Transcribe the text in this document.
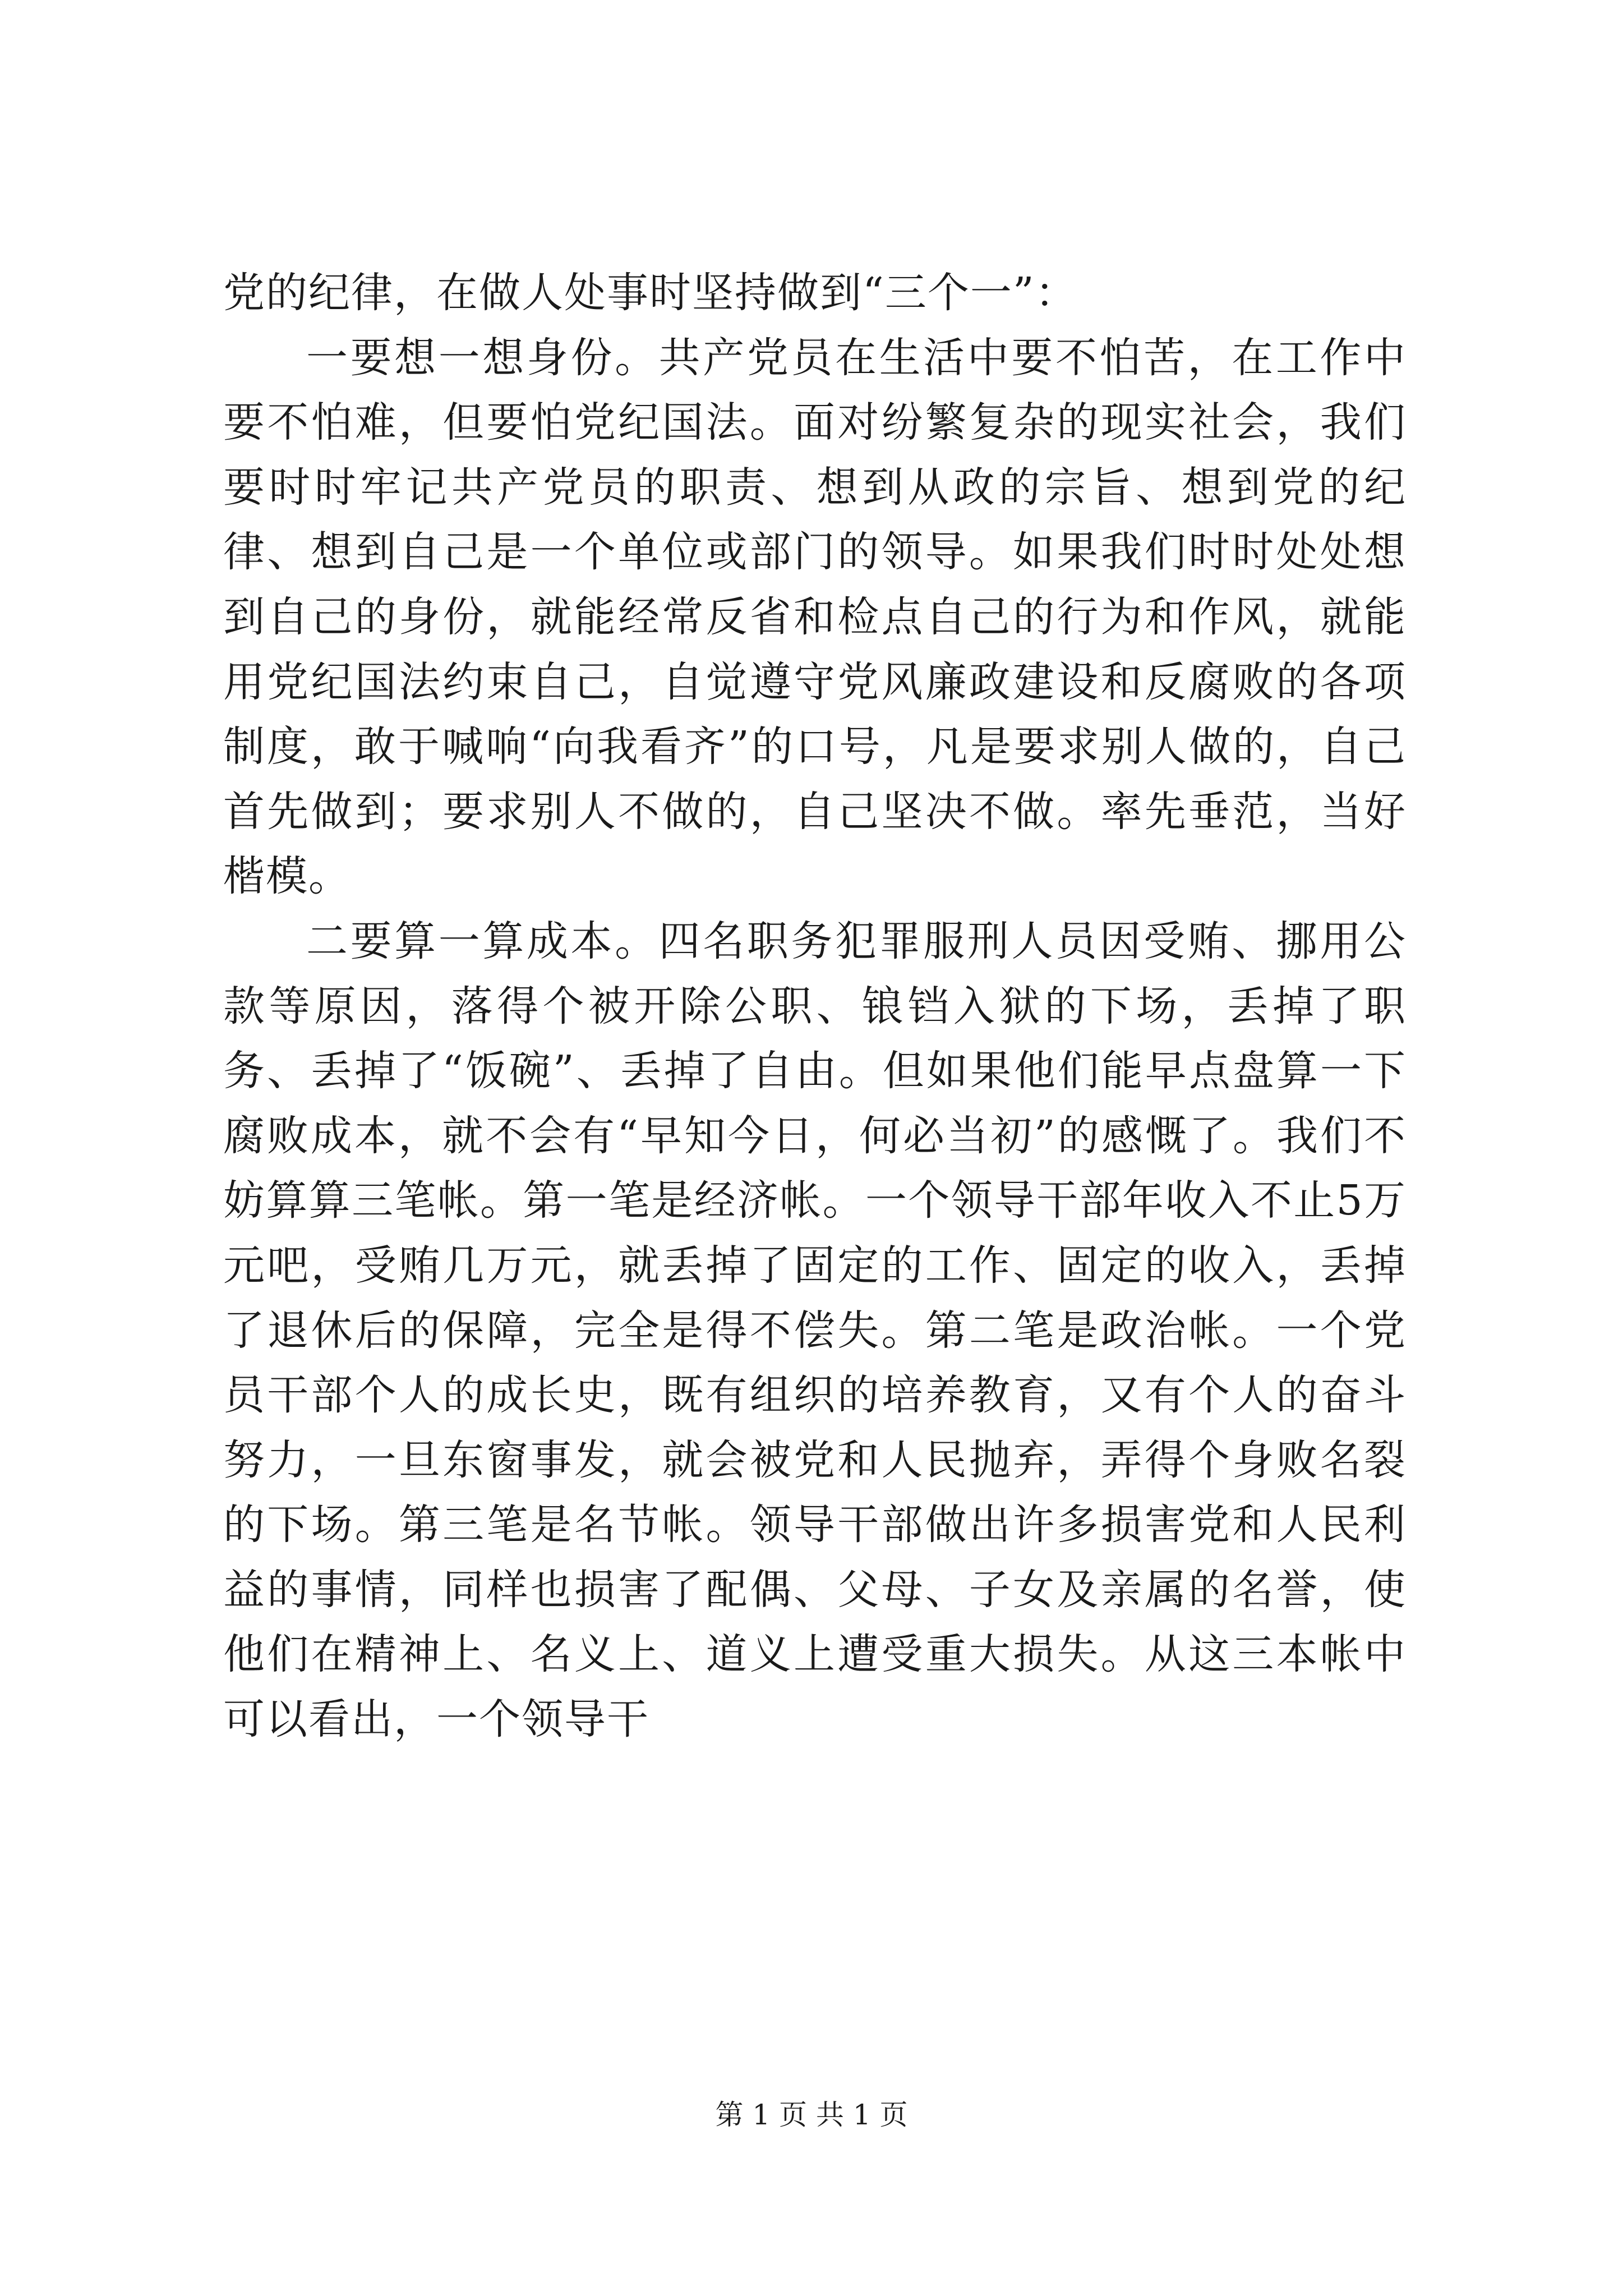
党的纪律，在做人处事时坚持做到“三个一”：

一要想一想身份。共产党员在生活中要不怕苦，在工作中要不怕难，但要怕党纪国法。面对纷繁复杂的现实社会，我们要时时牢记共产党员的职责、想到从政的宗旨、想到党的纪律、想到自己是一个单位或部门的领导。如果我们时时处处想到自己的身份，就能经常反省和检点自己的行为和作风，就能用党纪国法约束自己，自觉遵守党风廉政建设和反腐败的各项制度，敢于喊响“向我看齐”的口号，凡是要求别人做的，自己首先做到；要求别人不做的，自己坚决不做。率先垂范，当好楷模。

二要算一算成本。四名职务犯罪服刑人员因受贿、挪用公款等原因，落得个被开除公职、锒铛入狱的下场，丢掉了职务、丢掉了“饭碗”、丢掉了自由。但如果他们能早点盘算一下腐败成本，就不会有“早知今日，何必当初”的感慨了。我们不妨算算三笔帐。第一笔是经济帐。一个领导干部年收入不止5万元吧，受贿几万元，就丢掉了固定的工作、固定的收入，丢掉了退休后的保障，完全是得不偿失。第二笔是政治帐。一个党员干部个人的成长史，既有组织的培养教育，又有个人的奋斗努力，一旦东窗事发，就会被党和人民抛弃，弄得个身败名裂的下场。第三笔是名节帐。领导干部做出许多损害党和人民利益的事情，同样也损害了配偶、父母、子女及亲属的名誉，使他们在精神上、名义上、道义上遭受重大损失。从这三本帐中可以看出，一个领导干

第 1 页 共 1 页
